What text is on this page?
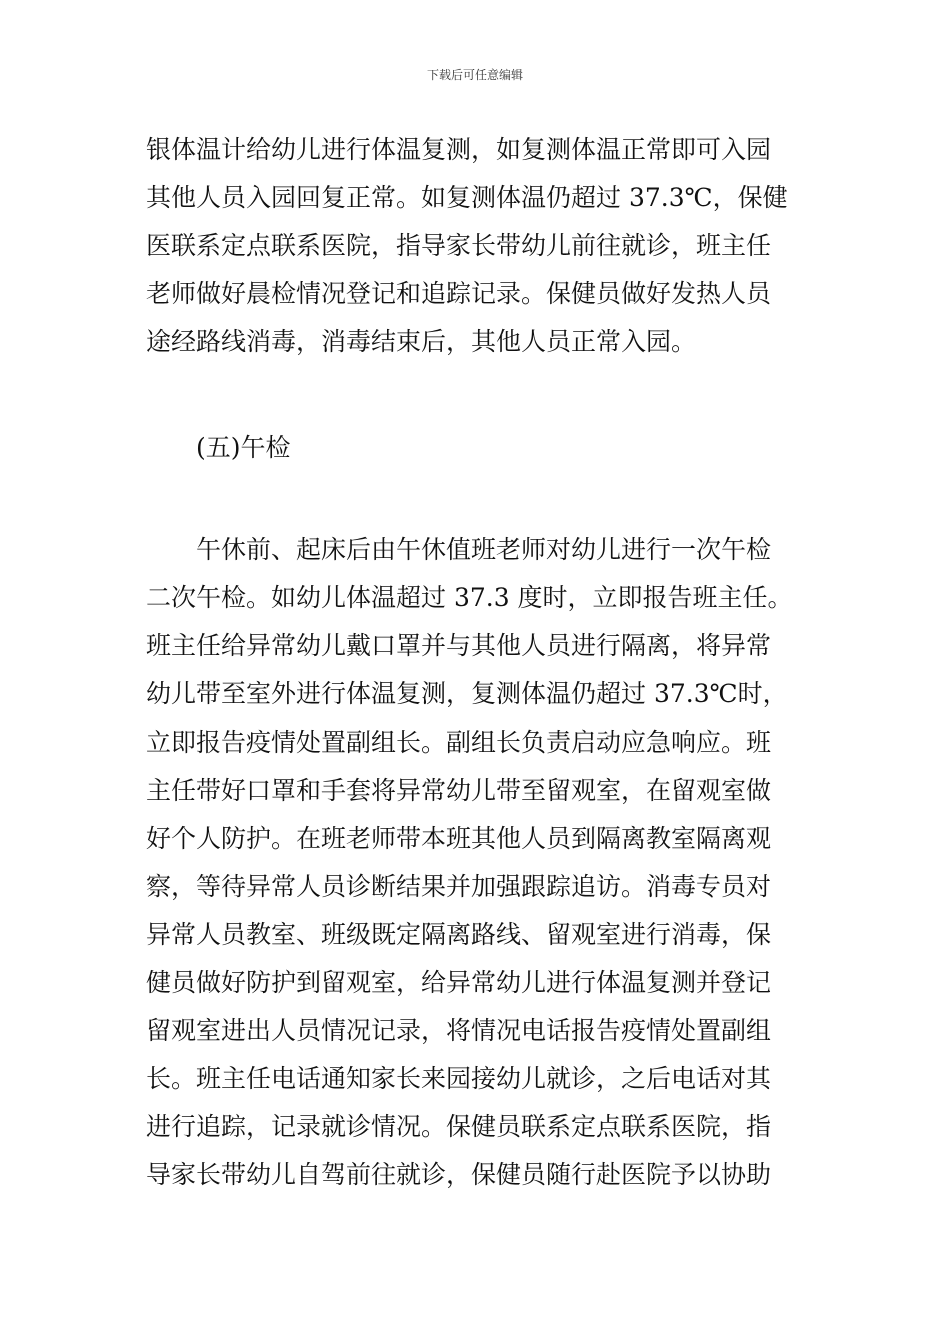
下载后可任意编辑
银体温计给幼儿进行体温复测，如复测体温正常即可入园
其他人员入园回复正常。如复测体温仍超过 37.3℃，保健
医联系定点联系医院，指导家长带幼儿前往就诊，班主任
老师做好晨检情况登记和追踪记录。保健员做好发热人员
途经路线消毒，消毒结束后，其他人员正常入园。
(五)午检
　　午休前、起床后由午休值班老师对幼儿进行一次午检
二次午检。如幼儿体温超过 37.3 度时，立即报告班主任。
班主任给异常幼儿戴口罩并与其他人员进行隔离，将异常
幼儿带至室外进行体温复测，复测体温仍超过 37.3℃时，
立即报告疫情处置副组长。副组长负责启动应急响应。班
主任带好口罩和手套将异常幼儿带至留观室，在留观室做
好个人防护。在班老师带本班其他人员到隔离教室隔离观
察，等待异常人员诊断结果并加强跟踪追访。消毒专员对
异常人员教室、班级既定隔离路线、留观室进行消毒，保
健员做好防护到留观室，给异常幼儿进行体温复测并登记
留观室进出人员情况记录，将情况电话报告疫情处置副组
长。班主任电话通知家长来园接幼儿就诊，之后电话对其
进行追踪，记录就诊情况。保健员联系定点联系医院，指
导家长带幼儿自驾前往就诊，保健员随行赴医院予以协助
